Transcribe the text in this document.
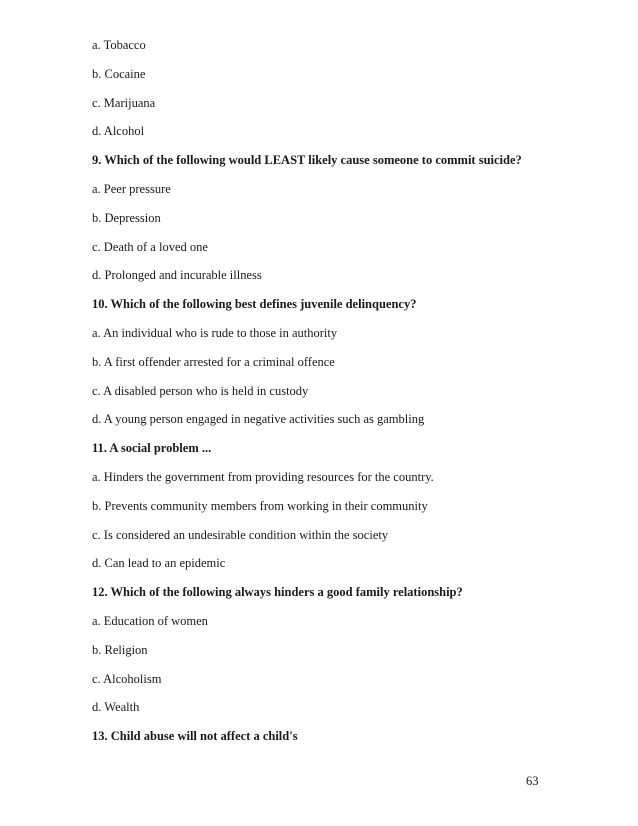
a. Tobacco
b. Cocaine
c. Marijuana
d. Alcohol
9. Which of the following would LEAST likely cause someone to commit suicide?
a. Peer pressure
b. Depression
c. Death of a loved one
d. Prolonged and incurable illness
10. Which of the following best defines juvenile delinquency?
a. An individual who is rude to those in authority
b. A first offender arrested for a criminal offence
c. A disabled person who is held in custody
d. A young person engaged in negative activities such as gambling
11. A social problem ...
a. Hinders the government from providing resources for the country.
b. Prevents community members from working in their community
c. Is considered an undesirable condition within the society
d. Can lead to an epidemic
12. Which of the following always hinders a good family relationship?
a. Education of women
b. Religion
c. Alcoholism
d. Wealth
13. Child abuse will not affect a child's
63
